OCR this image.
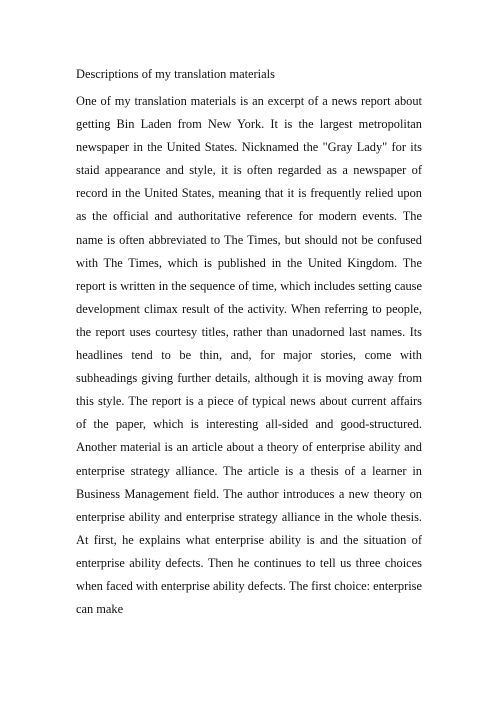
Descriptions of my translation materials

One of my translation materials is an excerpt of a news report about getting Bin Laden from New York. It is the largest metropolitan newspaper in the United States. Nicknamed the "Gray Lady" for its staid appearance and style, it is often regarded as a newspaper of record in the United States, meaning that it is frequently relied upon as the official and authoritative reference for modern events. The name is often abbreviated to The Times, but should not be confused with The Times, which is published in the United Kingdom. The report is written in the sequence of time, which includes setting cause development climax result of the activity. When referring to people, the report uses courtesy titles, rather than unadorned last names. Its headlines tend to be thin, and, for major stories, come with subheadings giving further details, although it is moving away from this style. The report is a piece of typical news about current affairs of the paper, which is interesting all-sided and good-structured. Another material is an article about a theory of enterprise ability and enterprise strategy alliance. The article is a thesis of a learner in Business Management field. The author introduces a new theory on enterprise ability and enterprise strategy alliance in the whole thesis. At first, he explains what enterprise ability is and the situation of enterprise ability defects. Then he continues to tell us three choices when faced with enterprise ability defects. The first choice: enterprise can make
